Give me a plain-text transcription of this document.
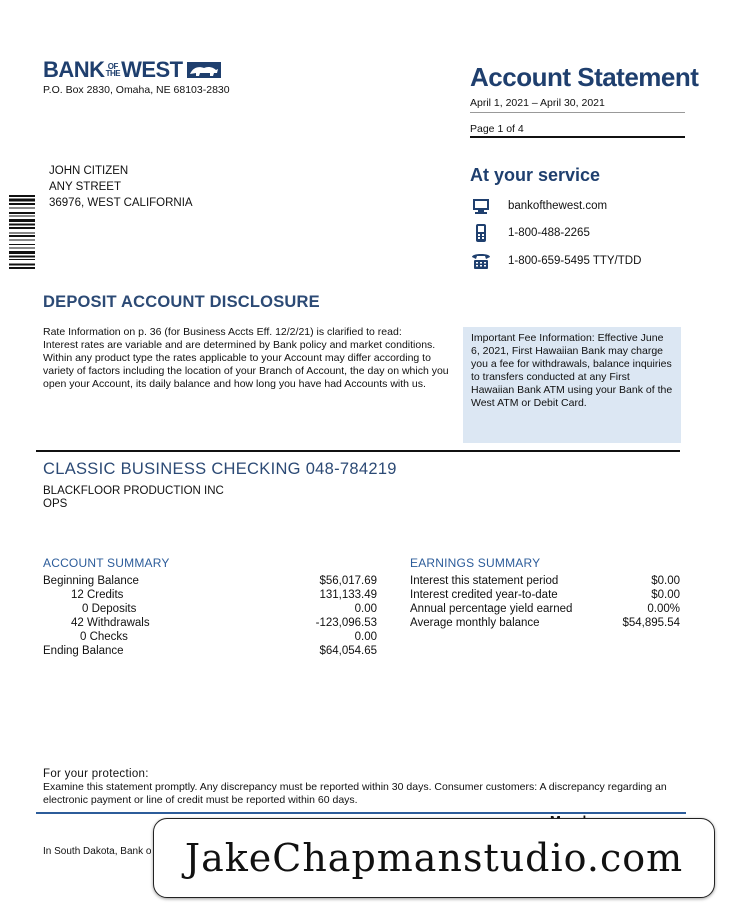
BANK OF
THE WEST
P.O. Box 2830, Omaha, NE 68103-2830	Account Statement
April 1, 2021 – April 30, 2021
Page 1 of 4
JOHN CITIZEN
ANY STREET
36976, WEST CALIFORNIA
At your service
bankofthewest.com
1-800-488-2265
1-800-659-5495 TTY/TDD
DEPOSIT ACCOUNT DISCLOSURE
Rate Information on p. 36 (for Business Accts Eff. 12/2/21) is clarified to read:
Interest rates are variable and are determined by Bank policy and market conditions. Within any product type the rates applicable to your Account may differ according to variety of factors including the location of your Branch of Account, the day on which you open your Account, its daily balance and how long you have had Accounts with us.
Important Fee Information: Effective June 6, 2021, First Hawaiian Bank may charge you a fee for withdrawals, balance inquiries to transfers conducted at any First Hawaiian Bank ATM using your Bank of the West ATM or Debit Card.
CLASSIC BUSINESS CHECKING 048-784219
BLACKFLOOR PRODUCTION INC
OPS
ACCOUNT SUMMARY
Beginning Balance	$56,017.69
12 Credits	131,133.49
0 Deposits	0.00
42 Withdrawals	-123,096.53
0 Checks	0.00
Ending Balance	$64,054.65
EARNINGS SUMMARY
Interest this statement period	$0.00
Interest credited year-to-date	$0.00
Annual percentage yield earned	0.00%
Average monthly balance	$54,895.54
For your protection:
Examine this statement promptly. Any discrepancy must be reported within 30 days. Consumer customers: A discrepancy regarding an electronic payment or line of credit must be reported within 60 days.
In South Dakota, Bank o JakeChapmanstudio.com
